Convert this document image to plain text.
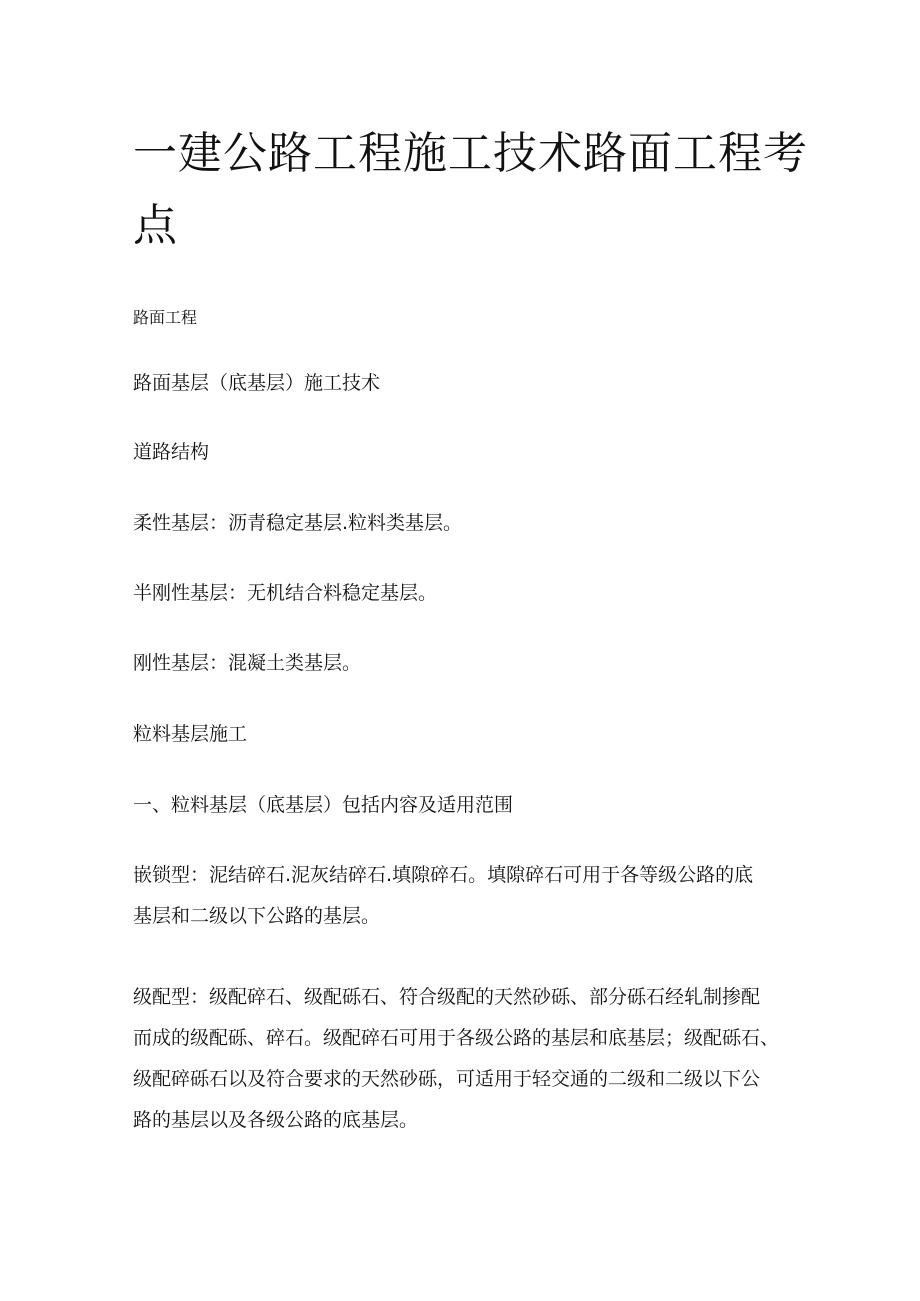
一建公路工程施工技术路面工程考
点

路面工程

路面基层（底基层）施工技术

道路结构

柔性基层：沥青稳定基层.粒料类基层。

半刚性基层：无机结合料稳定基层。

刚性基层：混凝土类基层。

粒料基层施工

一、粒料基层（底基层）包括内容及适用范围

嵌锁型：泥结碎石.泥灰结碎石.填隙碎石。填隙碎石可用于各等级公路的底
基层和二级以下公路的基层。
级配型：级配碎石、级配砾石、符合级配的天然砂砾、部分砾石经轧制掺配
而成的级配砾、碎石。级配碎石可用于各级公路的基层和底基层；级配砾石、
级配碎砾石以及符合要求的天然砂砾，可适用于轻交通的二级和二级以下公
路的基层以及各级公路的底基层。
